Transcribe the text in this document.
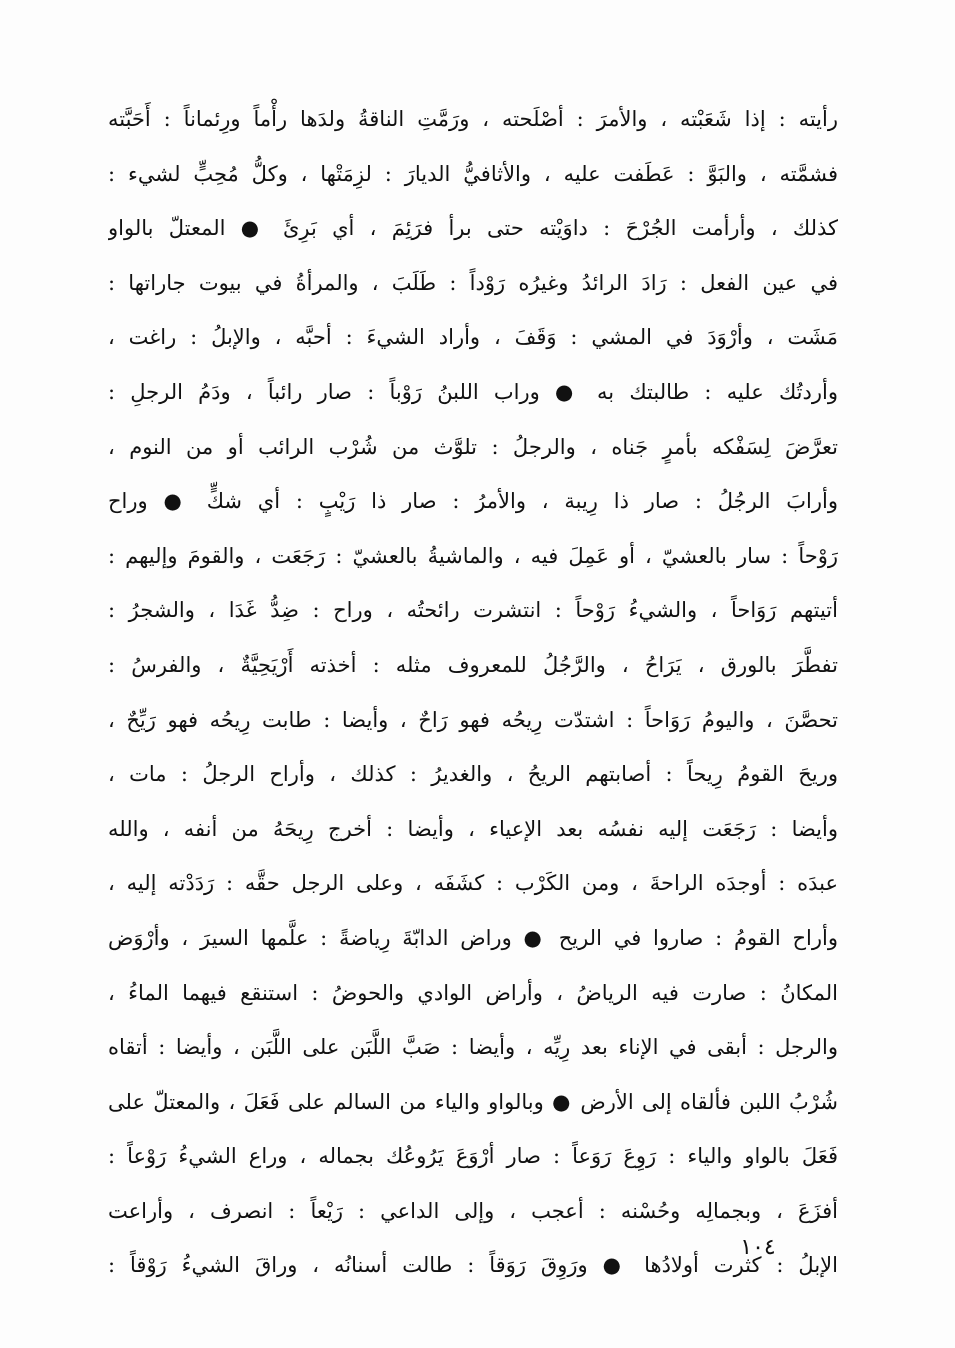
رأيته : إذا شَعَبْته ، والأمرَ : أصْلَحته ، ورَمَّتِ الناقةُ ولدَها رأْماً ورِئماناً : أَحَبَّته
فشمَّته ، والبَوَّ : عَطَفت عليه ، والأثافيُّ الديارَ : لزِمَتْها ، وكلُّ مُحِبٍّ لشيء :
كذلك ، وأرأمت الجُرْحَ : داوَيْته حتى برأ فرَئِمَ ، أي بَرِئَ ● المعتلّ بالواو
في عين الفعل : رَادَ الرائدُ وغيرُه رَوْداً : طَلَبَ ، والمرأةُ في بيوت جاراتها :
مَشَت ، وأرْوَدَ في المشي : وَقَفَ ، وأراد الشيءَ : أحبَّه ، والإبلُ : راغت ،
وأردتُك عليه : طالبتك به ● وراب اللبنُ رَوْباً : صار رائباً ، ودَمُ الرجلِ :
تعرَّضَ لِسَفْكه بأمرٍ جَناه ، والرجلُ : تلوَّث من شُرْب الرائب أو من النوم ،
وأرابَ الرجُلُ : صار ذا رِيبة ، والأمرُ : صار ذا رَيْبٍ : أي شكٍّ ● وراح
رَوْحاً : سار بالعشيّ ، أو عَمِلَ فيه ، والماشيةُ بالعشيّ : رَجَعَت ، والقومَ وإليهم :
أتيتهم رَوَاحاً ، والشيءُ رَوْحاً : انتشرت رائحتُه ، وراح : ضِدُّ غَدَا ، والشجرُ :
تفطَّرَ بالورق ، يَرَاحُ ، والرَّجُلُ للمعروف مثله : أخذته أَرْيَحِيَّةٌ ، والفرسُ :
تحصَّنَ ، واليومُ رَوَاحاً : اشتدّت رِيحُه فهو رَاحٌ ، وأيضا : طابت رِيحُه فهو رَيِّحٌ ،
وريحَ القومُ رِيحاً : أصابتهم الريحُ ، والغديرُ : كذلك ، وأراح الرجلُ : مات ،
وأيضا : رَجَعَت إليه نفسُه بعد الإعياء ، وأيضا : أخرج رِيحَهُ من أنفه ، والله
عبدَه : أوجدَه الراحةَ ، ومن الكَرْب : كشَفَه ، وعلى الرجل حقَّه : رَدَدْته إليه ،
وأراح القومُ : صاروا في الريح ● وراض الدابّةَ رِياضةً : علَّمها السيرَ ، وأرْوَض
المكانُ : صارت فيه الرياضُ ، وأراض الوادي والحوضُ : استنقع فيهما الماءُ ،
والرجل : أبقى في الإناء بعد رِيِّه ، وأيضا : صَبَّ اللَّبَن على اللَّبَن ، وأيضا : أتقاه
شُرْبُ اللبن فألقاه إلى الأرض ● وبالواو والياء من السالم على فَعَلَ ، والمعتلّ على
فَعَلَ بالواو والياء : رَوِعَ رَوَعاً : صار أرْوَعَ يَرُوعُك بجماله ، وراع الشيءُ رَوْعاً :
أفزَعَ ، وبجمالِه وحُسْنه : أعجب ، وإلى الداعي : رَيْعاً : انصرف ، وأراعت
الإبلُ : كثرت أولادُها ● ورَوِقَ رَوَقاً : طالت أسنانُه ، وراقَ الشيءُ رَوْقاً :
١٠٤
